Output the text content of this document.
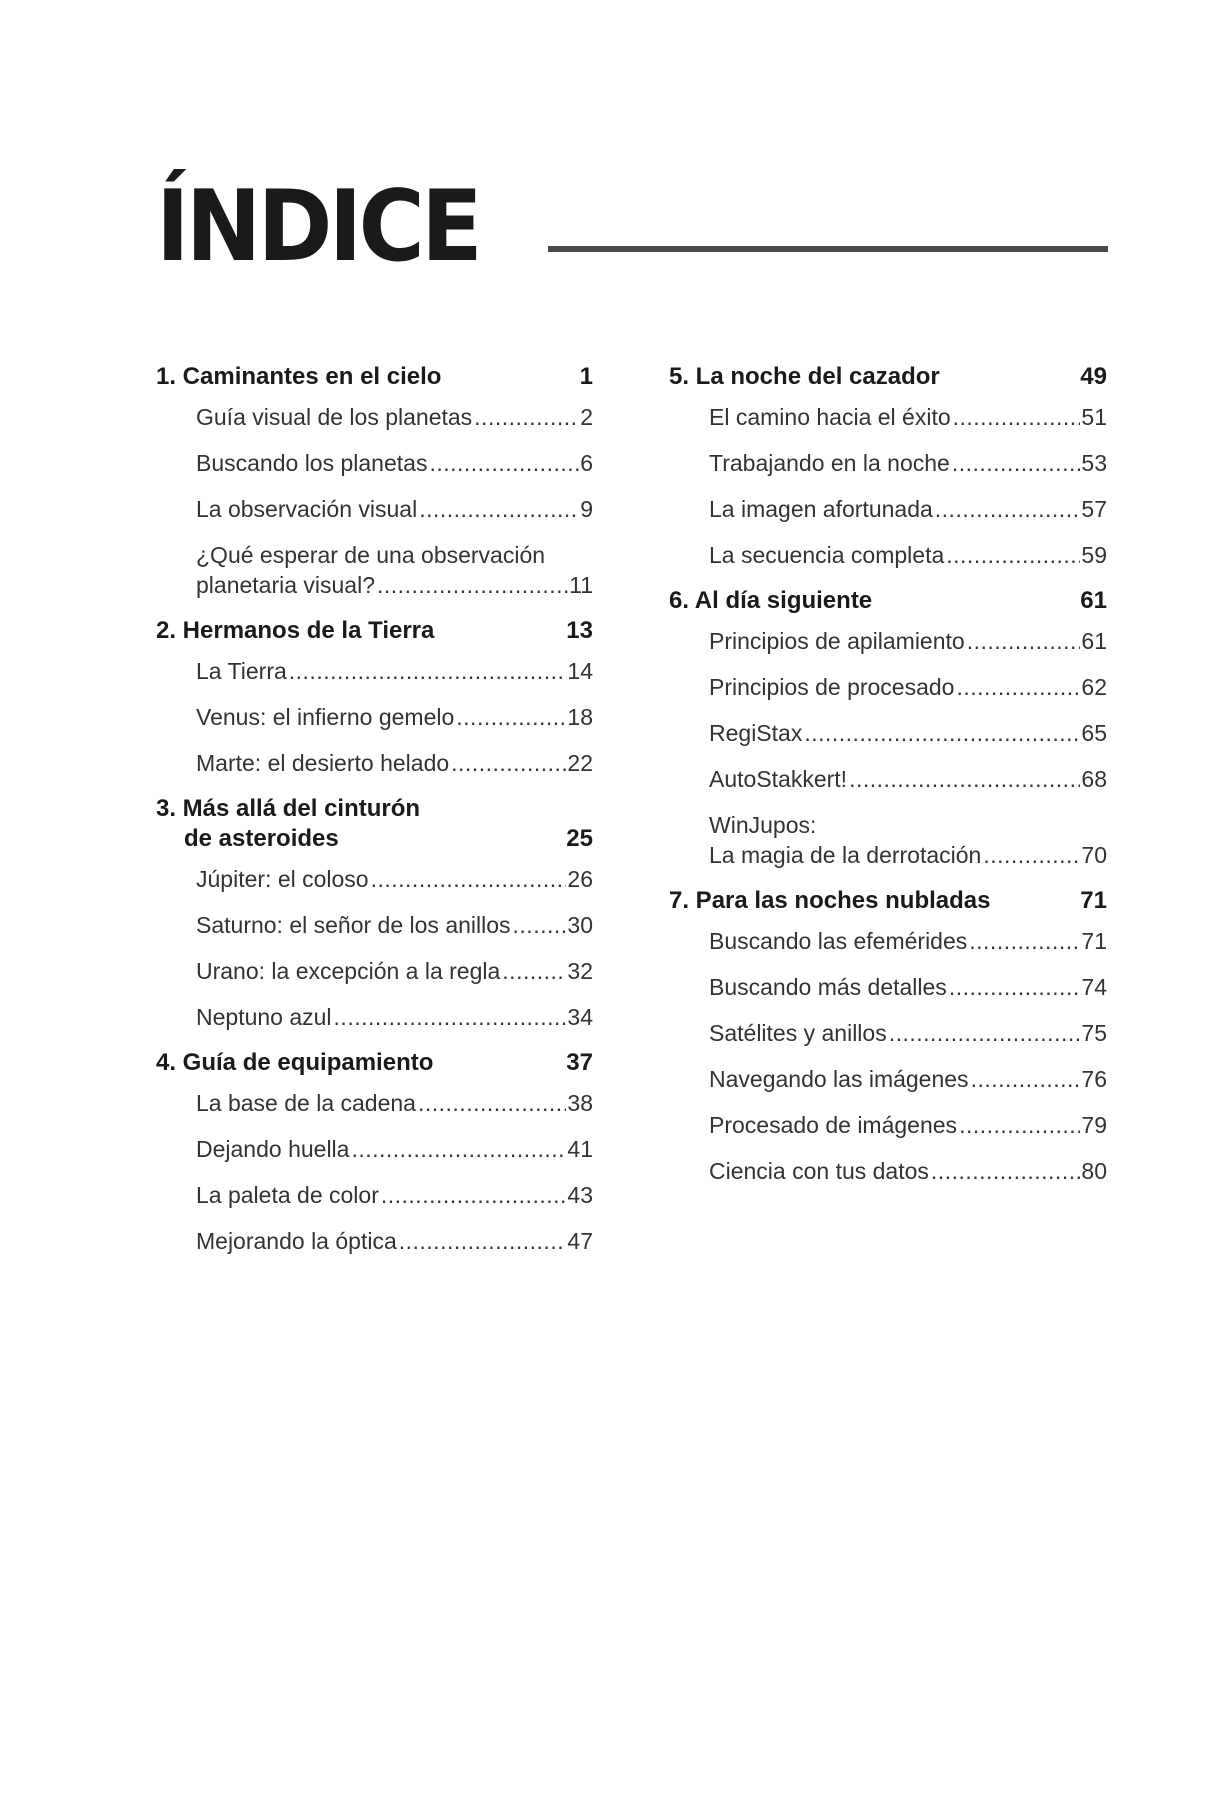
ÍNDICE
1. Caminantes en el cielo	1
Guía visual de los planetas .....	2
Buscando los planetas .....	6
La observación visual .....	9
¿Qué esperar de una observación
planetaria visual? .....	11
2. Hermanos de la Tierra	13
La Tierra .....	14
Venus: el infierno gemelo .....	18
Marte: el desierto helado .....	22
3. Más allá del cinturón
de asteroides	25
Júpiter: el coloso .....	26
Saturno: el señor de los anillos ..... 30
Urano: la excepción a la regla .....	32
Neptuno azul .....	34
4. Guía de equipamiento	37
La base de la cadena .....	38
Dejando huella .....	41
La paleta de color .....	43
Mejorando la óptica .....	47
5. La noche del cazador	49
El camino hacia el éxito .....	51
Trabajando en la noche .....	53
La imagen afortunada .....	57
La secuencia completa .....	59
6. Al día siguiente	61
Principios de apilamiento .....	61
Principios de procesado .....	62
RegiStax .....	65
AutoStakkert! .....	68
WinJupos:
La magia de la derrotación .....	70
7. Para las noches nubladas	71
Buscando las efemérides .....	71
Buscando más detalles .....	74
Satélites y anillos .....	75
Navegando las imágenes .....	76
Procesado de imágenes .....	79
Ciencia con tus datos .....	80
